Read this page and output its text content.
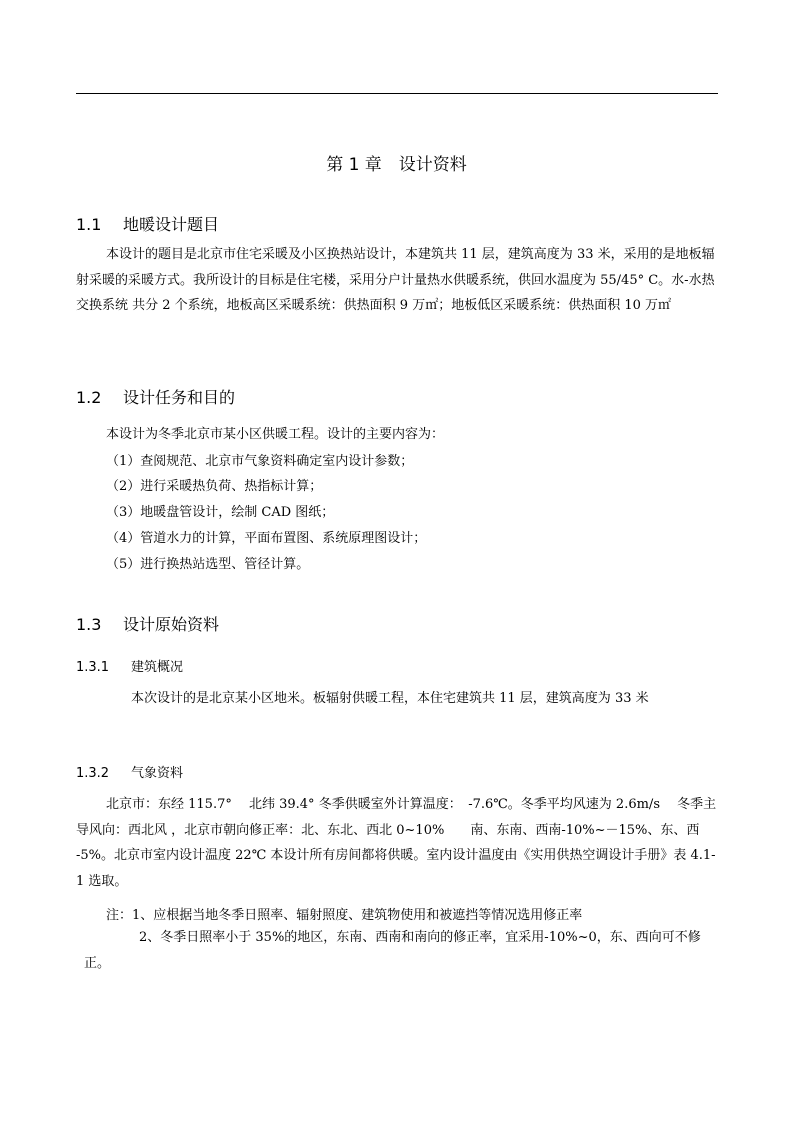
第 1 章　设计资料
1.1 地暖设计题目
本设计的题目是北京市住宅采暖及小区换热站设计，本建筑共 11 层，建筑高度为 33 米，采用的是地板辐射采暖的采暖方式。我所设计的目标是住宅楼，采用分户计量热水供暖系统，供回水温度为 55/45° C。水-水热交换系统 共分 2 个系统，地板高区采暖系统：供热面积 9 万㎡；地板低区采暖系统：供热面积 10 万㎡
1.2 设计任务和目的
本设计为冬季北京市某小区供暖工程。设计的主要内容为：
（1）查阅规范、北京市气象资料确定室内设计参数；
（2）进行采暖热负荷、热指标计算；
（3）地暖盘管设计，绘制 CAD 图纸；
（4）管道水力的计算，平面布置图、系统原理图设计；
（5）进行换热站选型、管径计算。
1.3 设计原始资料
1.3.1 建筑概况
本次设计的是北京某小区地米。板辐射供暖工程，本住宅建筑共 11 层，建筑高度为 33 米
1.3.2 气象资料
北京市：东经 115.7°　 北纬 39.4° 冬季供暖室外计算温度：　-7.6℃。冬季平均风速为 2.6m/s　 冬季主导风向：西北风 ，北京市朝向修正率：北、东北、西北 0~10%　　南、东南、西南-10%~－15%、东、西 -5%。北京市室内设计温度 22℃ 本设计所有房间都将供暖。室内设计温度由《实用供热空调设计手册》表 4.1-1 选取。
注：1、应根据当地冬季日照率、辐射照度、建筑物使用和被遮挡等情况选用修正率
2、冬季日照率小于 35%的地区，东南、西南和南向的修正率，宜采用-10%~0，东、西向可不修正。
